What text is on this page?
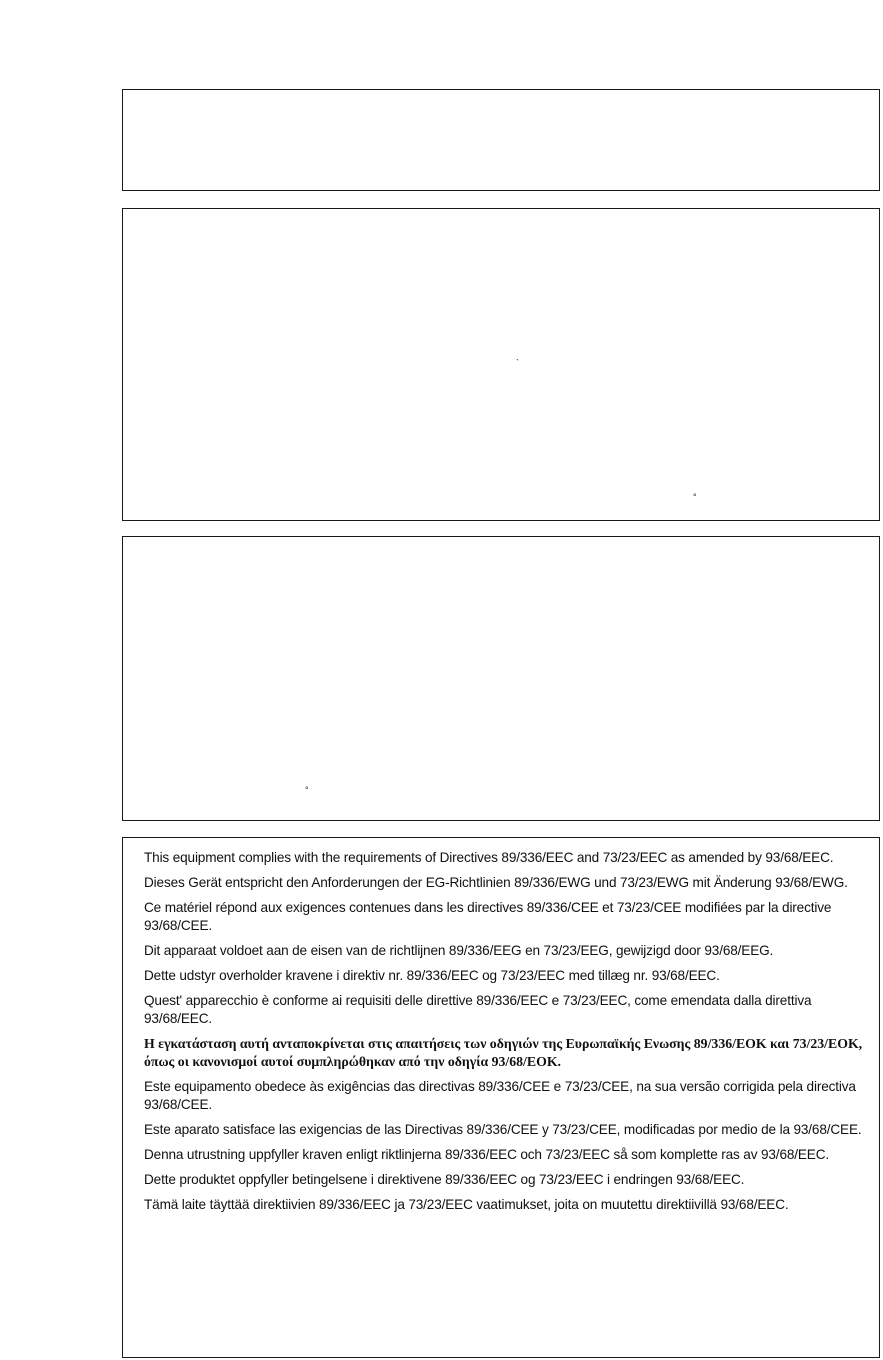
`
°
°

This equipment complies with the requirements of Directives 89/336/EEC and 73/23/EEC as amended by 93/68/EEC.

Dieses Gerät entspricht den Anforderungen der EG-Richtlinien 89/336/EWG und 73/23/EWG mit Änderung 93/68/EWG.

Ce matériel répond aux exigences contenues dans les directives 89/336/CEE et 73/23/CEE modifiées par la directive 93/68/CEE.

Dit apparaat voldoet aan de eisen van de richtlijnen 89/336/EEG en 73/23/EEG, gewijzigd door 93/68/EEG.

Dette udstyr overholder kravene i direktiv nr. 89/336/EEC og 73/23/EEC med tillæg nr. 93/68/EEC.

Quest' apparecchio è conforme ai requisiti delle direttive 89/336/EEC e 73/23/EEC, come emendata dalla direttiva 93/68/EEC.

Η εγκατάσταση αυτή ανταποκρίνεται στις απαιτήσεις των οδηγιών της Ευρωπαϊκής Ενωσης 89/336/ΕΟΚ και 73/23/ΕΟΚ, όπως οι κανονισμοί αυτοί συμπληρώθηκαν από την οδηγία 93/68/ΕΟΚ.

Este equipamento obedece às exigências das directivas 89/336/CEE e 73/23/CEE, na sua versão corrigida pela directiva 93/68/CEE.

Este aparato satisface las exigencias de las Directivas 89/336/CEE y 73/23/CEE, modificadas por medio de la 93/68/CEE.

Denna utrustning uppfyller kraven enligt riktlinjerna 89/336/EEC och 73/23/EEC så som komplette ras av 93/68/EEC.

Dette produktet oppfyller betingelsene i direktivene 89/336/EEC og 73/23/EEC i endringen 93/68/EEC.

Tämä laite täyttää direktiivien 89/336/EEC ja 73/23/EEC vaatimukset, joita on muutettu direktiivillä 93/68/EEC.
